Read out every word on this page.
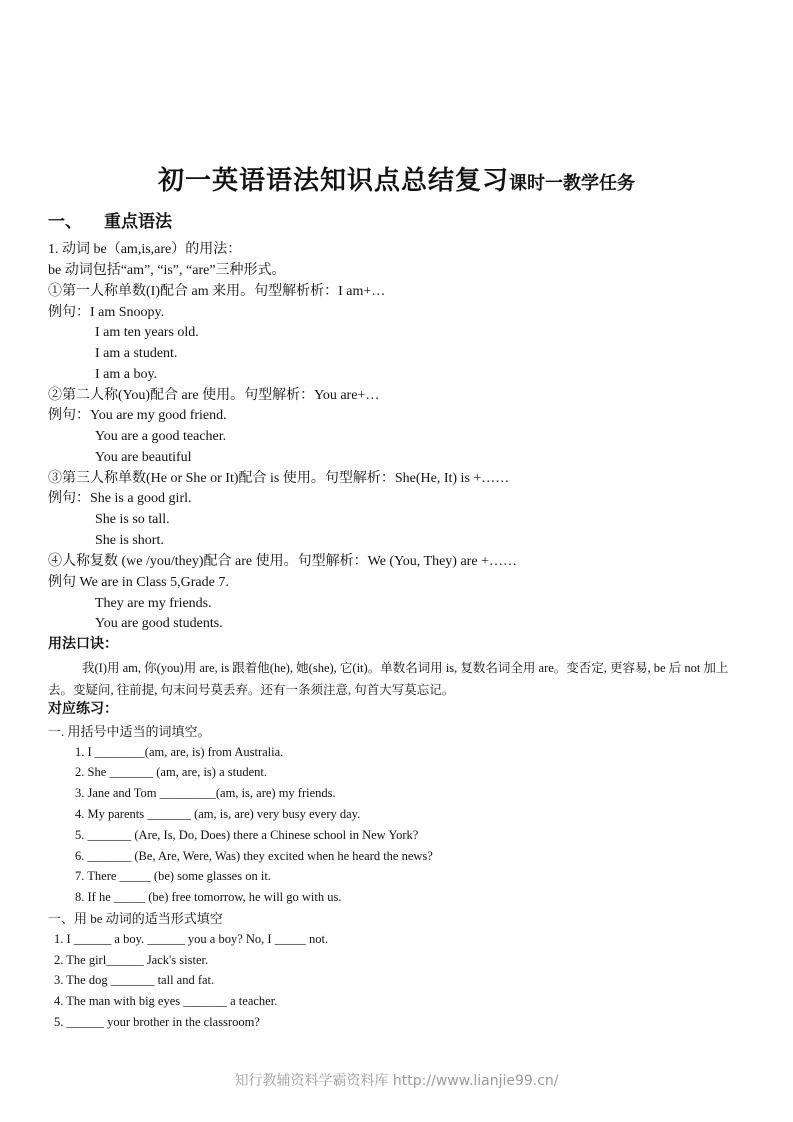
初一英语语法知识点总结复习课时一教学任务
一、 重点语法
1. 动词 be（am,is,are）的用法：
be 动词包括“am”, “is”, “are”三种形式。
①第一人称单数(I)配合 am 来用。句型解析析：I am+…
例句：I am Snoopy.
I am ten years old.
I am a student.
I am a boy.
②第二人称(You)配合 are 使用。句型解析：You are+…
例句：You are my good friend.
You are a good teacher.
You are beautiful
③第三人称单数(He or She or It)配合 is 使用。句型解析：She(He, It) is +……
例句：She is a good girl.
She is so tall.
She is short.
④人称复数 (we /you/they)配合 are 使用。句型解析：We (You, They) are +……
例句 We are in Class 5,Grade 7.
They are my friends.
You are good students.
用法口诀：

我(I)用 am, 你(you)用 are, is 跟着他(he), 她(she), 它(it)。单数名词用 is, 复数名词全用 are。变否定, 更容易, be 后 not 加上去。变疑问, 往前提, 句末问号莫丢弃。还有一条须注意, 句首大写莫忘记。

对应练习：
一. 用括号中适当的词填空。
1. I ________(am, are, is) from Australia.
2. She _______ (am, are, is) a student.
3. Jane and Tom _________(am, is, are) my friends.
4. My parents _______ (am, is, are) very busy every day.
5. _______ (Are, Is, Do, Does) there a Chinese school in New York?
6. _______ (Be, Are, Were, Was) they excited when he heard the news?
7. There _____ (be) some glasses on it.
8. If he _____ (be) free tomorrow, he will go with us.
一、用 be 动词的适当形式填空
1. I ______ a boy. ______ you a boy? No, I _____ not.
2. The girl______ Jack's sister.
3. The dog _______ tall and fat.
4. The man with big eyes _______ a teacher.
5. ______ your brother in the classroom?
知行教辅资料学霸资料库 http://www.lianjie99.cn/
